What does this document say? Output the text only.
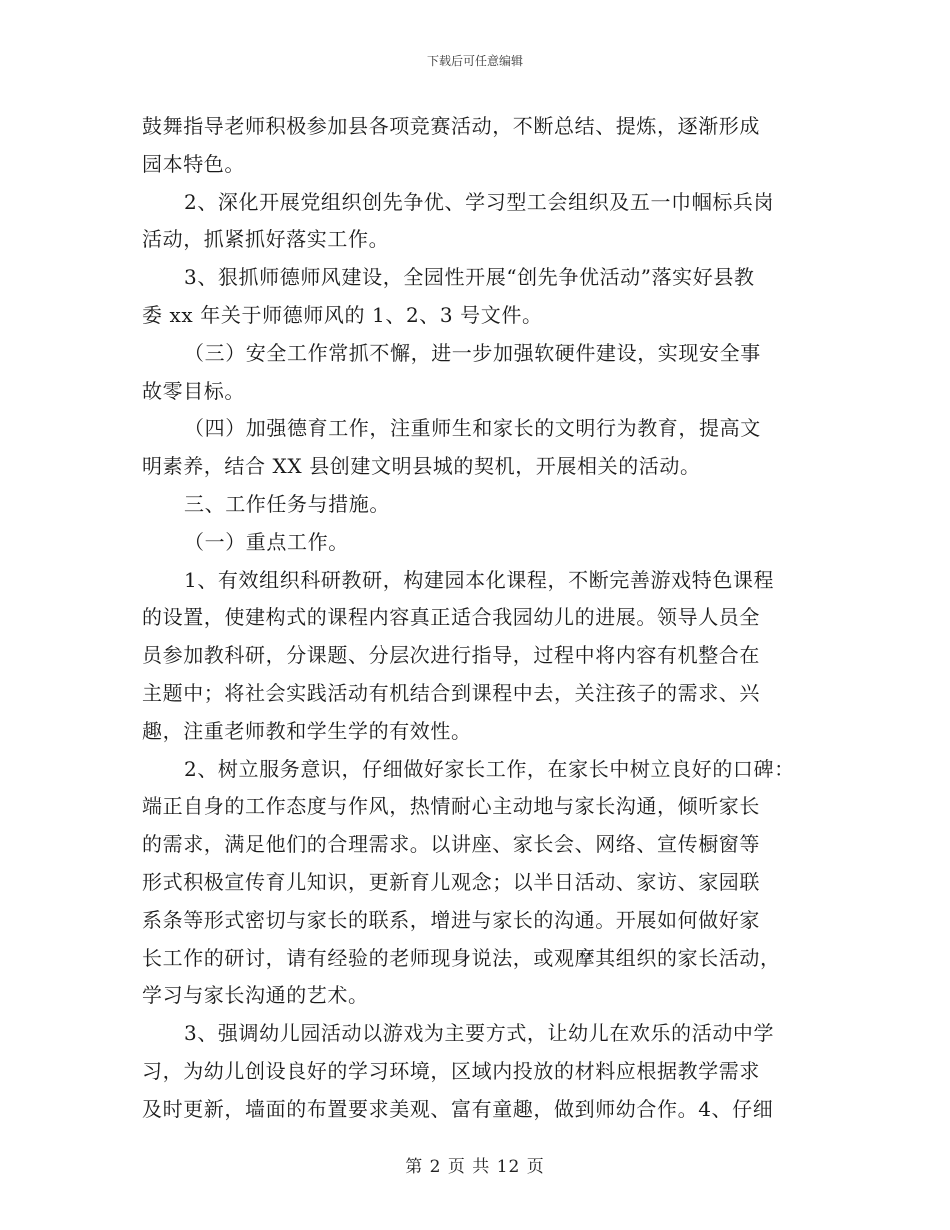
下载后可任意编辑
鼓舞指导老师积极参加县各项竞赛活动，不断总结、提炼，逐渐形成
园本特色。
2、深化开展党组织创先争优、学习型工会组织及五一巾帼标兵岗
活动，抓紧抓好落实工作。
3、狠抓师德师风建设，全园性开展“创先争优活动”落实好县教
委 xx 年关于师德师风的 1、2、3 号文件。
（三）安全工作常抓不懈，进一步加强软硬件建设，实现安全事
故零目标。
（四）加强德育工作，注重师生和家长的文明行为教育，提高文
明素养，结合 XX 县创建文明县城的契机，开展相关的活动。
三、工作任务与措施。
（一）重点工作。
1、有效组织科研教研，构建园本化课程，不断完善游戏特色课程
的设置，使建构式的课程内容真正适合我园幼儿的进展。领导人员全
员参加教科研，分课题、分层次进行指导，过程中将内容有机整合在
主题中；将社会实践活动有机结合到课程中去，关注孩子的需求、兴
趣，注重老师教和学生学的有效性。
2、树立服务意识，仔细做好家长工作，在家长中树立良好的口碑：
端正自身的工作态度与作风，热情耐心主动地与家长沟通，倾听家长
的需求，满足他们的合理需求。以讲座、家长会、网络、宣传橱窗等
形式积极宣传育儿知识，更新育儿观念；以半日活动、家访、家园联
系条等形式密切与家长的联系，增进与家长的沟通。开展如何做好家
长工作的研讨，请有经验的老师现身说法，或观摩其组织的家长活动，
学习与家长沟通的艺术。
3、强调幼儿园活动以游戏为主要方式，让幼儿在欢乐的活动中学
习，为幼儿创设良好的学习环境，区域内投放的材料应根据教学需求
及时更新，墙面的布置要求美观、富有童趣，做到师幼合作。4、仔细
第 2 页 共 12 页
